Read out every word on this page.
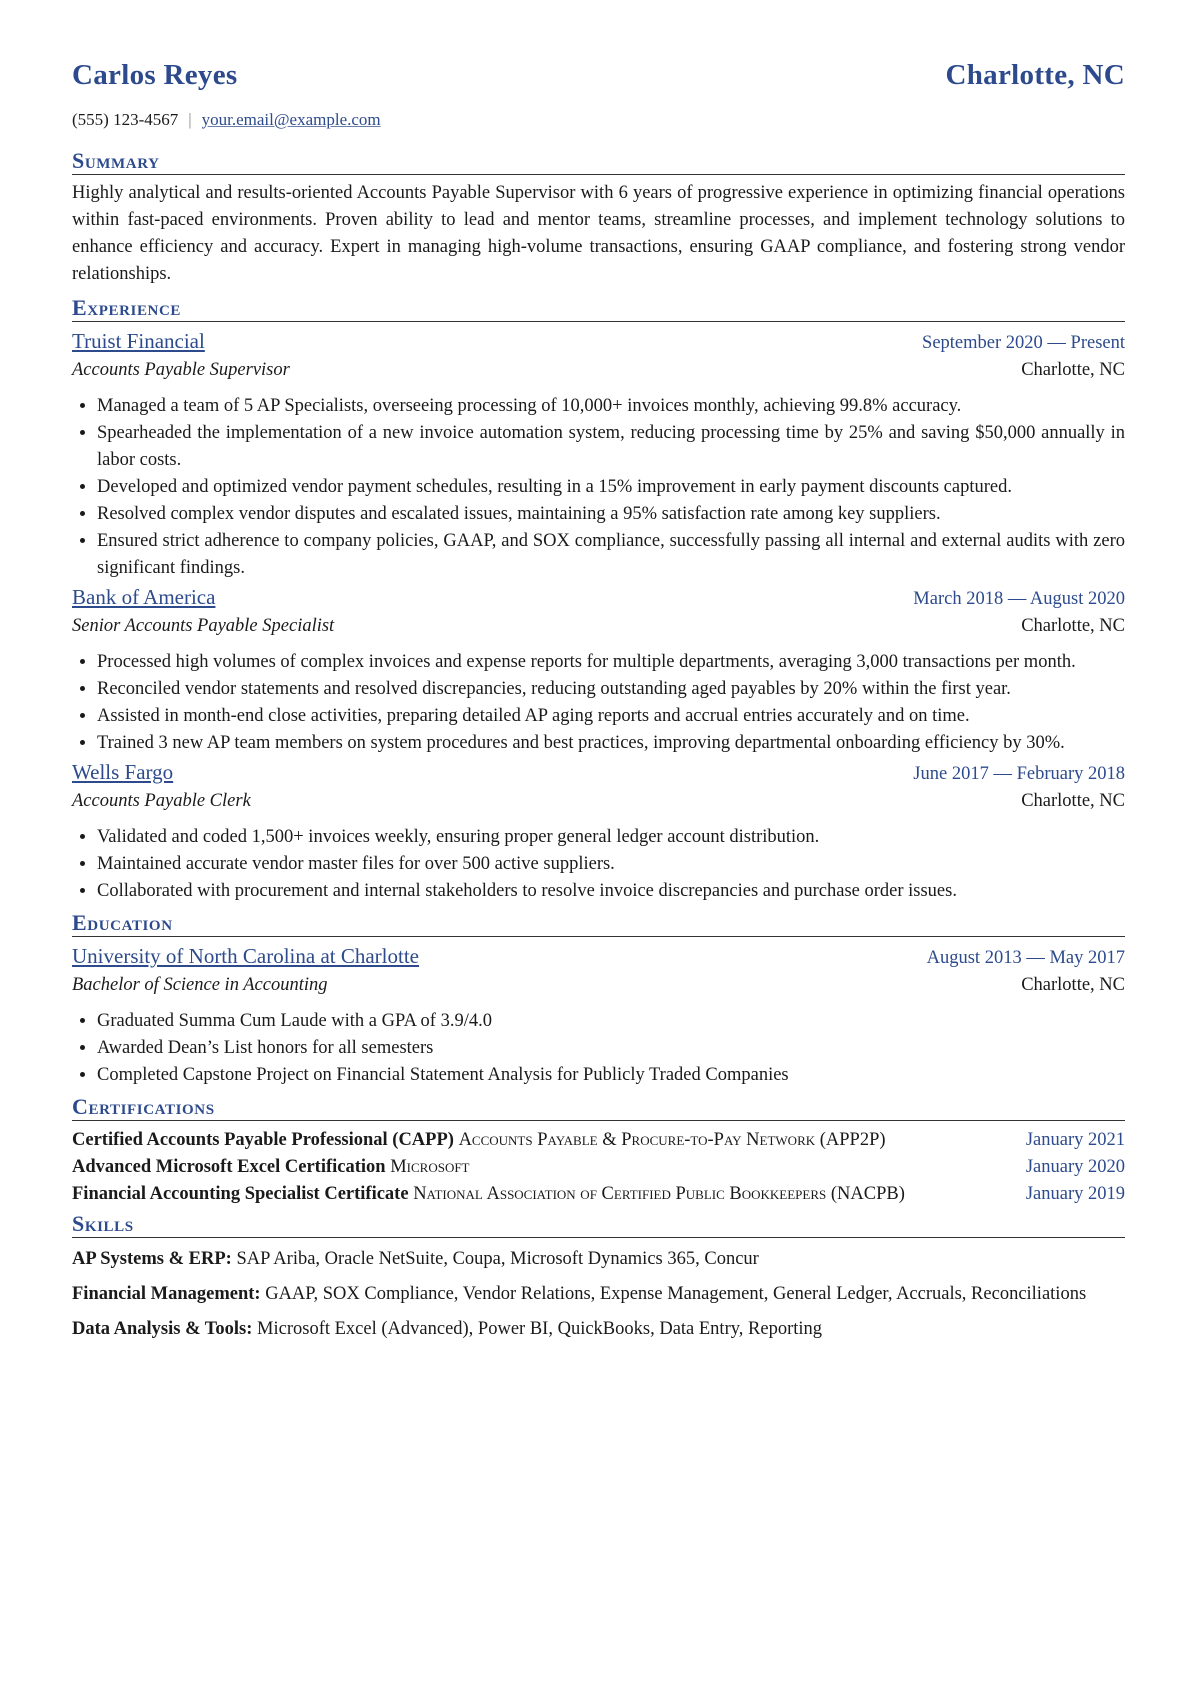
Carlos Reyes	Charlotte, NC
(555) 123-4567 | your.email@example.com
Summary
Highly analytical and results-oriented Accounts Payable Supervisor with 6 years of progressive experience in optimizing financial operations within fast-paced environments. Proven ability to lead and mentor teams, streamline processes, and implement technology solutions to enhance efficiency and accuracy. Expert in managing high-volume transactions, ensuring GAAP compliance, and fostering strong vendor relationships.
Experience
Truist Financial	September 2020 — Present
Accounts Payable Supervisor	Charlotte, NC
• Managed a team of 5 AP Specialists, overseeing processing of 10,000+ invoices monthly, achieving 99.8% accuracy.
• Spearheaded the implementation of a new invoice automation system, reducing processing time by 25% and saving $50,000 annually in labor costs.
• Developed and optimized vendor payment schedules, resulting in a 15% improvement in early payment discounts captured.
• Resolved complex vendor disputes and escalated issues, maintaining a 95% satisfaction rate among key suppliers.
• Ensured strict adherence to company policies, GAAP, and SOX compliance, successfully passing all internal and external audits with zero significant findings.
Bank of America	March 2018 — August 2020
Senior Accounts Payable Specialist	Charlotte, NC
• Processed high volumes of complex invoices and expense reports for multiple departments, averaging 3,000 transactions per month.
• Reconciled vendor statements and resolved discrepancies, reducing outstanding aged payables by 20% within the first year.
• Assisted in month-end close activities, preparing detailed AP aging reports and accrual entries accurately and on time.
• Trained 3 new AP team members on system procedures and best practices, improving departmental onboarding efficiency by 30%.
Wells Fargo	June 2017 — February 2018
Accounts Payable Clerk	Charlotte, NC
• Validated and coded 1,500+ invoices weekly, ensuring proper general ledger account distribution.
• Maintained accurate vendor master files for over 500 active suppliers.
• Collaborated with procurement and internal stakeholders to resolve invoice discrepancies and purchase order issues.
Education
University of North Carolina at Charlotte	August 2013 — May 2017
Bachelor of Science in Accounting	Charlotte, NC
• Graduated Summa Cum Laude with a GPA of 3.9/4.0
• Awarded Dean’s List honors for all semesters
• Completed Capstone Project on Financial Statement Analysis for Publicly Traded Companies
Certifications
Certified Accounts Payable Professional (CAPP) Accounts Payable & Procure-to-Pay Network (APP2P)	January 2021
Advanced Microsoft Excel Certification Microsoft	January 2020
Financial Accounting Specialist Certificate National Association of Certified Public Bookkeepers (NACPB)	January 2019
Skills
AP Systems & ERP: SAP Ariba, Oracle NetSuite, Coupa, Microsoft Dynamics 365, Concur
Financial Management: GAAP, SOX Compliance, Vendor Relations, Expense Management, General Ledger, Accruals, Reconciliations
Data Analysis & Tools: Microsoft Excel (Advanced), Power BI, QuickBooks, Data Entry, Reporting
